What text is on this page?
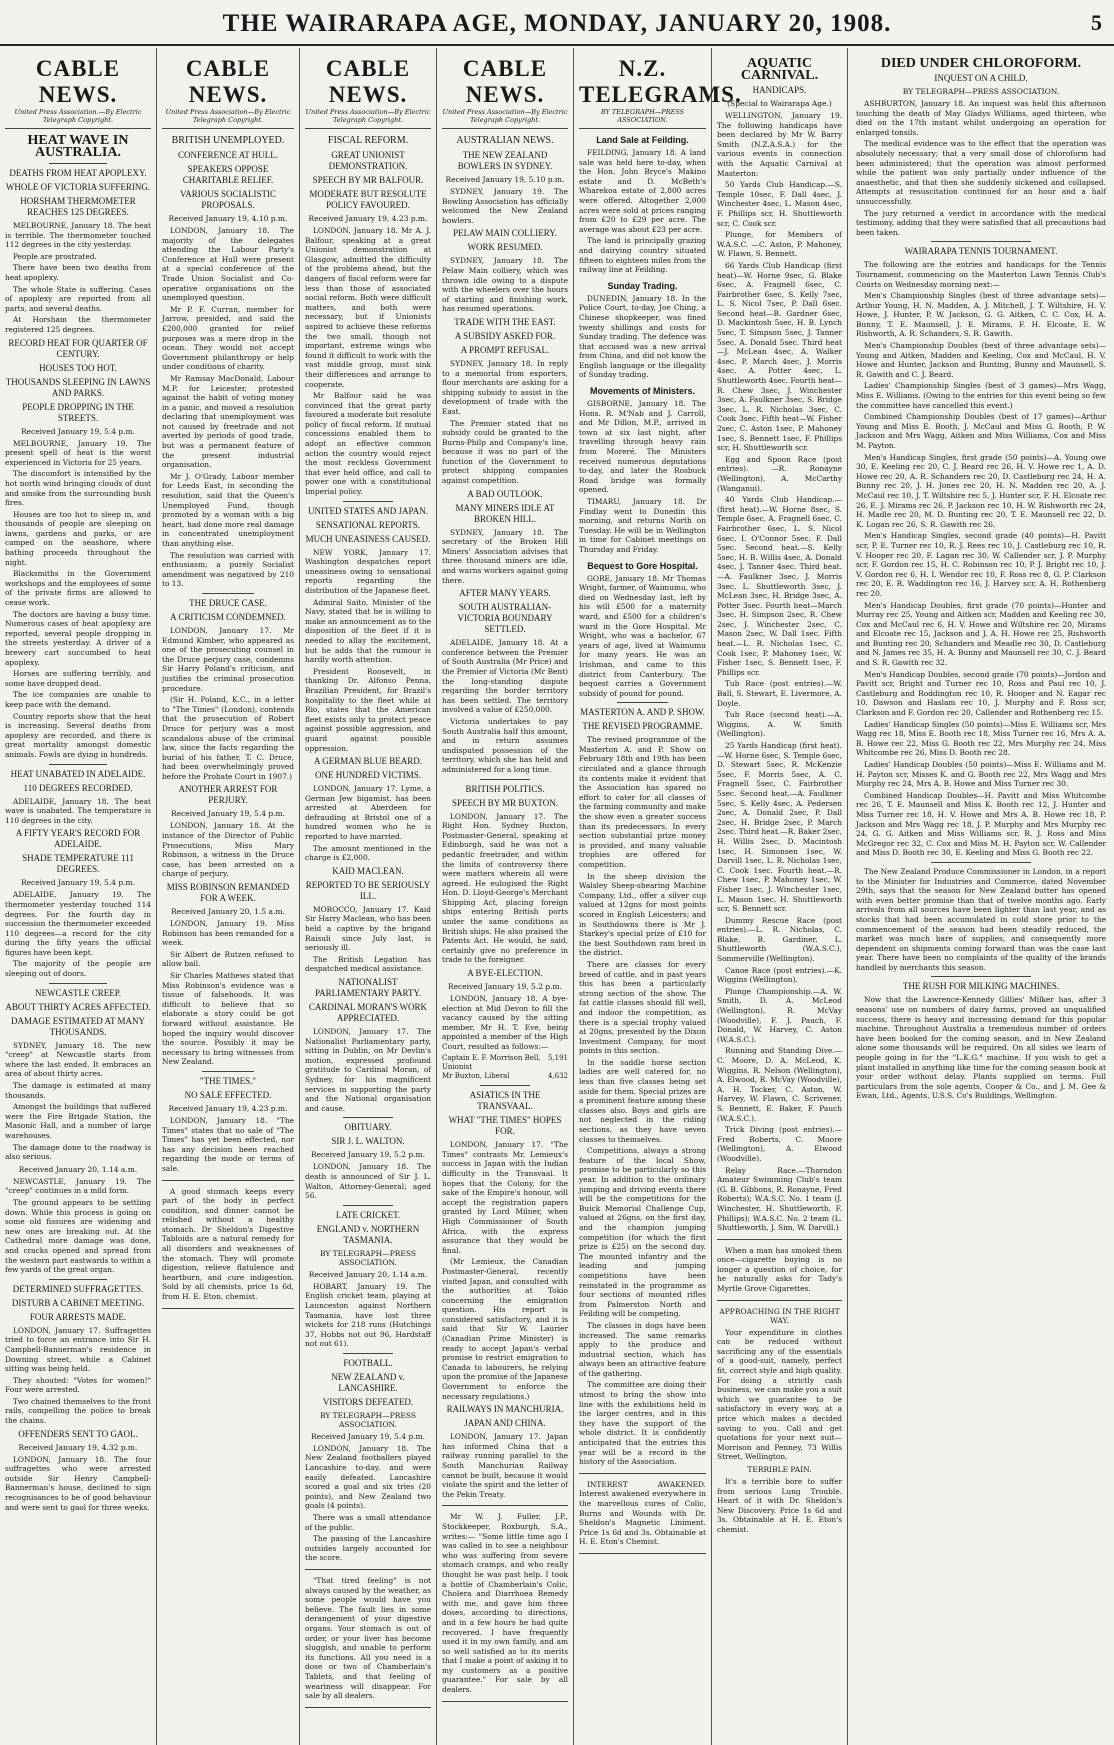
THE WAIRARAPA AGE, MONDAY, JANUARY 20, 1908.	5
CABLE NEWS.
United Press Association.—By Electric Telegraph Copyright.
HEAT WAVE IN AUSTRALIA.
DEATHS FROM HEAT APOPLEXY.
WHOLE OF VICTORIA SUFFERING.
HORSHAM THERMOMETER REACHES 125 DEGREES.

MELBOURNE, January 18. The heat is terrible. The thermometer touched 112 degrees in the city yesterday.

People are prostrated.

There have been two deaths from heat apoplexy.

The whole State is suffering. Cases of apoplexy are reported from all parts, and several deaths.

At Horsham the thermometer registered 125 degrees.

RECORD HEAT FOR QUARTER OF CENTURY.
HOUSES TOO HOT.
THOUSANDS SLEEPING IN LAWNS AND PARKS.
PEOPLE DROPPING IN THE STREETS.
Received January 19, 5.4 p.m.

MELBOURNE, January 19. The present spell of heat is the worst experienced in Victoria for 25 years.

The discomfort is intensified by the hot north wind bringing clouds of dust and smoke from the surrounding bush fires.

Houses are too hot to sleep in, and thousands of people are sleeping on lawns, gardens and parks, or are camped on the seashore, where bathing proceeds throughout the night.

Blacksmiths in the Government workshops and the employees of some of the private firms are allowed to cease work.

The doctors are having a busy time. Numerous cases of heat apoplexy are reported, several people dropping in the streets yesterday. A driver of a brewery cart succumbed to heat apoplexy.

Horses are suffering terribly, and some have dropped dead.

The ice companies are unable to keep pace with the demand.

Country reports show that the heat is increasing. Several deaths from apoplexy are recorded, and there is great mortality amongst domestic animals. Fowls are dying in hundreds.

HEAT UNABATED IN ADELAIDE.
110 DEGREES RECORDED.

ADELAIDE, January 18. The heat wave is unabated. The temperature is 110 degrees in the city.

A FIFTY YEAR'S RECORD FOR ADELAIDE.
SHADE TEMPERATURE 111 DEGREES.
Received January 19, 5.4 p.m.

ADELAIDE, January 19. The thermometer yesterday touched 114 degrees. For the fourth day in succession the thermometer exceeded 110 degrees—a record for the city during the fifty years the official figures have been kept.

The majority of the people are sleeping out of doors.

NEWCASTLE CREEP.
ABOUT THIRTY ACRES AFFECTED.
DAMAGE ESTIMATED AT MANY THOUSANDS.

SYDNEY, January 18. The new "creep" at Newcastle starts from where the last ended. It embraces an area of about thirty acres.

The damage is estimated at many thousands.

Amongst the buildings that suffered were the Fire Brigade Station, the Masonic Hall, and a number of large warehouses.

The damage done to the roadway is also serious.

Received January 20, 1.14 a.m.

NEWCASTLE, January 19. The "creep" continues in a mild form.

The ground appears to be settling down. While this process is going on some old fissures are widening and new ones are breaking out. At the Cathedral more damage was done, and cracks opened and spread from the western part eastwards to within a few yards of the great organ.

DETERMINED SUFFRAGETTES.
DISTURB A CABINET MEETING.
FOUR ARRESTS MADE.

LONDON, January 17. Suffragettes tried to force an entrance into Sir H. Campbell-Bannerman's residence in Downing street, while a Cabinet sitting was being held.

They shouted: "Votes for women!" Four were arrested.

Two chained themselves to the front rails, compelling the police to break the chains.

OFFENDERS SENT TO GAOL.
Received January 19, 4.32 p.m.

LONDON, January 18. The four suffragettes who were arrested outside Sir Henry Campbell-Bannerman's house, declined to sign recognisances to be of good behaviour and were sent to gaol for three weeks.

CABLE NEWS.
United Press Association—By Electric Telegraph Copyright.
BRITISH UNEMPLOYED.
CONFERENCE AT HULL.
SPEAKERS OPPOSE CHARITABLE RELIEF.
VARIOUS SOCIALISTIC PROPOSALS.
Received January 19, 4.10 p.m.

LONDON, January 18. The majority of the delegates attending the Labour Party's Conference at Hull were present at a special conference of the Trade Union Socialist and Co-operative organisations on the unemployed question.

Mr P. F. Curran, member for Jarrow, presided, and said the £200,000 granted for relief purposes was a mere drop in the ocean. They would not accept Government philanthropy or help under conditions of charity.

Mr Ramsay MacDonald, Labour M.P. for Leicester, protested against the habit of voting money in a panic, and moved a resolution declaring that unemployment was not caused by freetrade and not averted by periods of good trade, but was a permanent feature of the present industrial organisation.

Mr J. O'Grady, Labour member for Leeds East, in seconding the resolution, said that the Queen's Unemployed Fund, though promoted by a woman with a big heart, had done more real damage in concentrated unemployment than anything else.

The resolution was carried with enthusiasm; a purely Socialist amendment was negatived by 210 to 13.

THE DRUCE CASE.
A CRITICISM CONDEMNED.

LONDON, January 17. Mr Edmund Kimber, who appeared as one of the prosecuting counsel in the Druce perjury case, condemns Sir Harry Poland's criticism, and justifies the criminal prosecution procedure.

(Sir H. Poland, K.C., in a letter to "The Times" (London), contends that the prosecution of Robert Druce for perjury was a most scandalous abuse of the criminal law, since the facts regarding the burial of his father, T. C. Druce, had been overwhelmingly proved before the Probate Court in 1907.)

ANOTHER ARREST FOR PERJURY.
Received January 19, 5.4 p.m.

LONDON, January 18. At the instance of the Director of Public Prosecutions, Miss Mary Robinson, a witness in the Druce case, has been arrested on a charge of perjury.

MISS ROBINSON REMANDED FOR A WEEK.
Received January 20, 1.5 a.m.

LONDON, January 19. Miss Robinson has been remanded for a week.

Sir Albert de Rutzen refused to allow bail.

Sir Charles Mathews stated that Miss Robinson's evidence was a tissue of falsehoods. It was difficult to believe that so elaborate a story could be got forward without assistance. He hoped the inquiry would discover the source. Possibly it may be necessary to bring witnesses from New Zealand.

"THE TIMES."
NO SALE EFFECTED.
Received January 19, 4.23 p.m.

LONDON, January 18. "The Times" states that no sale of "The Times" has yet been effected, nor has any decision been reached regarding the mode or terms of sale.

A good stomach keeps every part of the body in perfect condition, and dinner cannot be relished without a healthy stomach. Dr Sheldon's Digestive Tabloids are a natural remedy for all disorders and weaknesses of the stomach. They will promote digestion, relieve flatulence and heartburn, and cure indigestion. Sold by all chemists, price 1s 6d, from H. E. Eton, chemist.

CABLE NEWS.
United Press Association—By Electric Telegraph Copyright.
FISCAL REFORM.
GREAT UNIONIST DEMONSTRATION.
SPEECH BY MR BALFOUR.
MODERATE BUT RESOLUTE POLICY FAVOURED.
Received January 19, 4.23 p.m.

LONDON, January 18. Mr A. J. Balfour, speaking at a great Unionist demonstration at Glasgow, admitted the difficulty of the problems ahead, but the dangers of fiscal reform were far less than those of associated social reform. Both were difficult matters, and both were necessary, but if Unionists aspired to achieve these reforms the two small, though not important, extreme wings who found it difficult to work with the vast middle group, must sink their differences and arrange to cooperate.

Mr Balfour said he was convinced that the great party favoured a moderate but resolute policy of fiscal reform. If mutual concessions enabled them to adopt an effective common action the country would reject the most reckless Government that ever held office, and call to power one with a constitutional Imperial policy.

UNITED STATES AND JAPAN.
SENSATIONAL REPORTS.
MUCH UNEASINESS CAUSED.

NEW YORK, January 17. Washington despatches report uneasiness owing to sensational reports regarding the distribution of the Japanese fleet.

Admiral Saito, Minister of the Navy, stated that he is willing to make an announcement as to the disposition of the fleet if it is needed to allay the excitement, but he adds that the rumour is hardly worth attention.

President Roosevelt, in thanking Dr. Alfonso Penna, Brazilian President, for Brazil's hospitality to the fleet while at Rio, states that the American fleet exists only to protect peace against possible aggression, and guard against possible oppression.

A GERMAN BLUE BEARD.
ONE HUNDRED VICTIMS.

LONDON, January 17. Lyme, a German Jew bigamist, has been arrested at Aberdeen for defrauding at Bristol one of a hundred women who he is reported to have married.

The amount mentioned in the charge is £2,000.

KAID MACLEAN.
REPORTED TO BE SERIOUSLY ILL.

MOROCCO, January 17. Kaid Sir Harry Maclean, who has been held a captive by the brigand Raisuli since July last, is seriously ill.

The British Legation has despatched medical assistance.

NATIONALIST PARLIAMENTARY PARTY.
CARDINAL MORAN'S WORK APPRECIATED.

LONDON, January 17. The Nationalist Parliamentary party, sitting in Dublin, on Mr Devlin's motion, expressed profound gratitude to Cardinal Moran, of Sydney, for his magnificent services in supporting the party and the National organisation and cause.

OBITUARY.
SIR J. L. WALTON.
Received January 19, 5.2 p.m.

LONDON, January 18. The death is announced of Sir J. L. Walton, Attorney-General; aged 56.

LATE CRICKET.
ENGLAND v. NORTHERN TASMANIA.
BY TELEGRAPH—PRESS ASSOCIATION.
Received January 20, 1.14 a.m.

HOBART, January 19. The English cricket team, playing at Launceston against Northern Tasmania, have lost three wickets for 218 runs (Hutchings 37, Hobbs not out 96, Hardstaff not out 61).

FOOTBALL.
NEW ZEALAND v. LANCASHIRE.
VISITORS DEFEATED.
BY TELEGRAPH—PRESS ASSOCIATION.
Received January 19, 5.4 p.m.

LONDON, January 18. The New Zealand footballers played Lancashire to-day, and were easily defeated. Lancashire scored a goal and six tries (20 points), and New Zealand two goals (4 points).

There was a small attendance of the public.

The passing of the Lancashire outsides largely accounted for the score.

"That tired feeling" is not always caused by the weather, as some people would have you believe. The fault lies in some derangement of your digestive organs. Your stomach is out of order, or your liver has become sluggish, and unable to perform its functions. All you need is a dose or two of Chamberlain's Tablets, and that feeling of weariness will disappear. For sale by all dealers.

CABLE NEWS.
United Press Association—By Electric Telegraph Copyright.
AUSTRALIAN NEWS.
THE NEW ZEALAND BOWLERS IN SYDNEY.
Received January 19, 5.10 p.m.

SYDNEY, January 19. The Bowling Association has officially welcomed the New Zealand bowlers.

PELAW MAIN COLLIERY.
WORK RESUMED.

SYDNEY, January 18. The Pelaw Main colliery, which was thrown idle owing to a dispute with the wheelers over the hours of starting and finishing work, has resumed operations.

TRADE WITH THE EAST.
A SUBSIDY ASKED FOR.
A PROMPT REFUSAL.

SYDNEY, January 18. In reply to a memorial from exporters, flour merchants are asking for a shipping subsidy to assist in the development of trade with the East.

The Premier stated that no subsidy could be granted to the Burns-Philp and Company's line, because it was no part of the function of the Government to protect shipping companies against competition.

A BAD OUTLOOK.
MANY MINERS IDLE AT BROKEN HILL.

SYDNEY, January 18. The secretary of the Broken Hill Miners' Association advises that three thousand miners are idle, and warns workers against going there.

AFTER MANY YEARS.
SOUTH AUSTRALIAN-VICTORIA BOUNDARY SETTLED.

ADELAIDE, January 18. At a conference between the Premier of South Australia (Mr Price) and the Premier of Victoria (Mr Bent) the long-standing dispute regarding the border territory has been settled. The territory involved a value of £250,000.

Victoria undertakes to pay South Australia half this amount, and in return assumes undisputed possession of the territory, which she has held and administered for a long time.

BRITISH POLITICS.
SPEECH BY MR BUXTON.

LONDON, January 17. The Right Hon. Sydney Buxton, Postmaster-General, speaking at Edinburgh, said he was not a pedantic freetrader, and within the limits of controversy there were matters wherein all were agreed. He eulogised the Right Hon. D. Lloyd-George's Merchant Shipping Act, placing foreign ships entering British ports under the same conditions as British ships. He also praised the Patents Act. He would, he said, certainly give no preference in trade to the foreigner.

A BYE-ELECTION.
Received January 19, 5.2 p.m.

LONDON, January 18. A bye-election at Mid Devon to fill the vacancy caused by the sitting member, Mr H. T. Eve, being appointed a member of the High Court, resulted as follows:—

Captain E. F. Morrison Bell, Unionist
5,191
Mr Buxton, Liberal	4,632
ASIATICS IN THE TRANSVAAL.
WHAT "THE TIMES" HOPES FOR.

LONDON, January 17. "The Times" contrasts Mr. Lemieux's success in Japan with the Indian difficulty in the Transvaal. It hopes that the Colony, for the sake of the Empire's honour, will accept the registration papers granted by Lord Milner, when High Commissioner of South Africa, with the express assurance that they would be final.

(Mr Lemieux, the Canadian Postmaster-General, recently visited Japan, and consulted with the authorities at Tokio concerning the emigration question. His report is considered satisfactory, and it is said that Sir W. Laurier (Canadian Prime Minister) is ready to accept Japan's verbal promise to restrict emigration to Canada to labourers, he relying upon the promise of the Japanese Government to enforce the necessary regulations.)

RAILWAYS IN MANCHURIA.
JAPAN AND CHINA.

LONDON, January 17. Japan has informed China that a railway running parallel to the South Manchurian Railway cannot be built, because it would violate the spirit and the letter of the Pekin Treaty.

Mr W. J. Fuller, J.P., Stockkeeper, Roxburgh, S.A., writes:— "Some little time ago I was called in to see a neighbour who was suffering from severe stomach cramps, and who really thought he was past help. I took a bottle of Chamberlain's Colic, Cholera and Diarrhoea Remedy with me, and gave him three doses, according to directions, and in a few hours he had quite recovered. I have frequently used it in my own family, and am so well satisfied as to its merits that I make a point of asking it to my customers as a positive guarantee." For sale by all dealers.

N.Z. TELEGRAMS.
BY TELEGRAPH—PRESS ASSOCIATION.
Land Sale at Feilding.

FEILDING, January 18. A land sale was held here to-day, when the Hon. John Bryce's Makino estate and D. McBeth's Wharekoa estate of 2,800 acres were offered. Altogether 2,000 acres were sold at prices ranging from £20 to £29 per acre. The average was about £23 per acre.

The land is principally grazing and dairying country situated fifteen to eighteen miles from the railway line at Feilding.

Sunday Trading.

DUNEDIN, January 18. In the Police Court, to-day, Joe Ching, a Chinese shopkeeper, was fined twenty shillings and costs for Sunday trading. The defence was that accused was a new arrival from China, and did not know the English language or the illegality of Sunday trading.

Movements of Ministers.

GISBORNE, January 18. The Hons. R. M'Nab and J. Carroll, and Mr Dillon, M.P., arrived in town at six last night, after travelling through heavy rain from Moreré. The Ministers received numerous deputations to-day, and later the Rosbuck Road bridge was formally opened.

TIMARU, January 18. Dr Findlay went to Dunedin this morning, and returns North on Tuesday. He will be in Wellington in time for Cabinet meetings on Thursday and Friday.

Bequest to Gore Hospital.

GORE, January 18. Mr Thomas Wright, farmer, of Waimumu, who died on Wednesday last, left by his will £500 for a maternity ward, and £500 for a children's ward in the Gore Hospital. Mr Wright, who was a bachelor, 67 years of age, lived at Waimumu for many years. He was an Irishman, and came to this district from Canterbury. The bequest carries a Government subsidy of pound for pound.

MASTERTON A. AND P. SHOW.
THE REVISED PROGRAMME.

The revised programme of the Masterton A. and P. Show on February 18th and 19th has been circulated and a glance through its contents make it evident that the Association has spared no effort to cater for all classes of the farming community and make the show even a greater success than its predecessors. In every section substantial prize money is provided, and many valuable trophies are offered for competition.

In the sheep division the Walsley Sheep-shearing Machine Company, Ltd., offer a silver cup valued at 12gns for most points scored in English Leicesters; and in Southdowns there is Mr J. Starkey's special prize of £10 for the best Southdown ram bred in the district.

There are classes for every breed of cattle, and in past years this has been a particularly strong section of the show. The fat cattle classes should fill well, and indoor the competition, as there is a special trophy valued at 20gns, presented by the Dixon Investment Company, for most points in this section.

In the saddle horse section ladies are well catered for, no less than five classes being set aside for them. Special prizes are a prominent feature among these classes also. Boys and girls are not neglected in the riding sections, as they have seven classes to themselves.

Competitions, always a strong feature of the local Show, promise to be particularly so this year. In addition to the ordinary jumping and driving events there will be the competitions for the Buick Memorial Challenge Cup, valued at 26gns, on the first day, and the champion jumping competition (for which the first prize is £25) on the second day. The mounted infantry and the leading and jumping competitions have been reinstated in the programme as four sections of mounted rifles from Palmerston North and Feilding will be competing.

The classes in dogs have been increased. The same remarks apply to the produce and industrial section, which has always been an attractive feature of the gathering.

The committee are doing their utmost to bring the show into line with the exhibitions held in the larger centres, and in this they have the support of the whole district. It is confidently anticipated that the entries this year will be a record in the history of the Association.

INTEREST AWAKENED. Interest awakened everywhere in the marvellous cures of Colic, Burns and Wounds with Dr. Sheldon's Magnetic Liniment. Price 1s 6d and 3s. Obtainable at H. E. Eton's Chemist.

AQUATIC CARNIVAL.
HANDICAPS.
(Special to Wairarapa Age.)

WELLINGTON, January 19. The following handicaps have been declared by Mr W. Barry Smith (N.Z.A.S.A.) for the various events in connection with the Aquatic Carnival at Masterton:

50 Yards Club Handicap.—S. Temple 10sec, F. Dall 4sec, J. Winchester 4sec, L. Mason 4sec, F. Phillips scr, H. Shuttleworth scr, C. Cook scr.

Plunge, for Members of W.A.S.C. —C. Aston, P. Mahoney, W. Flawn, S. Bennett.

66 Yards Club Handicap (first heat)—W. Horne 9sec, G. Blake 6sec, A. Fragnell 6sec, C. Fairbrother 6sec, S. Kelly 7sec, L. S. Nicol 7sec, P. Dall 6sec. Second heat—B. Gardner 6sec, D. Mackintosh 5sec, H. B. Lynch 5sec, T. Simpson 5sec, J. Tanner 5sec, A. Donald 5sec. Third heat—J. McLean 4sec, A. Walker 4sec, P. March 4sec, J. Morris 4sec, A. Potter 4sec, L. Shuttleworth 4sec. Fourth heat—R. Chew 3sec, J. Winchester 3sec, A. Faulkner 3sec, S. Bridge 3sec, L. R. Nicholas 3sec, C. Cook 3sec. Fifth heat—W. Fisher 2sec, C. Aston 1sec, P. Mahoney 1sec, S. Bennett 1sec, F. Phillips scr, H. Shuttleworth scr.

Egg and Spoon Race (post entries). —R. Ronayne (Wellington), A. McCarthy (Wanganui).

40 Yards Club Handicap.—(first heat).—W. Horne 8sec, S. Temple 6sec, A. Fragnell 6sec, C. Fairbrother 6sec, L. S. Nicol 6sec, I. O'Connor 5sec, F. Dall 5sec. Second heat.—S. Kelly 5sec, H. B. Willis 4sec, A. Donald 4sec, J. Tanner 4sec. Third heat.—A. Faulkner 3sec, J. Morris 3sec, L. Shuttleworth 3sec, J. McLean 3sec, H. Bridge 3sec, A. Potter 3sec. Fourth heat—March 3sec, H. Simpson 2sec, R. Chew 2sec, J. Winchester 2sec, C. Mason 2sec, W. Dall 1sec. Fifth heat.—L. R. Nicholas 1sec, C. Cook 1sec, P. Mahoney 1sec, W. Fisher 1sec, S. Bennett 1sec, F. Phillips scr.

Tub Race (post entries).—W. Ball, S. Stewart, E. Livermore, A. Doyle.

Tub Race (second heat).—A. Wiggins, A. W. Smith (Wellington).

25 Yards Handicap (first heat).—W. Horne 6sec, S. Temple 6sec, D. Stewart 5sec, R. McKenzie 5sec, F. Morris 5sec, A. C. Fragnell 5sec, C. Fairbrother 5sec. Second heat.—A. Faulkner 5sec, S. Kelly 4sec, A. Pedersen 2sec, A. Donald 2sec, P. Dall 2sec, H. Bridge 2sec, P. March 2sec. Third heat.—R. Baker 2sec, H. Willis 2sec, D. Macintosh 1sec, H. Simonsen 1sec, W. Darvill 1sec, L. R. Nicholas 1sec, C. Cook 1sec. Fourth heat.—R. Chew 1sec, P. Mahoney 1sec, W. Fisher 1sec, J. Winchester 1sec, L. Mason 1sec, H. Shuttleworth scr, S. Bennett scr.

Dummy Rescue Race (post entries).—L. R. Nicholas, C. Blake, B. Gardiner, L. Shuttleworth (W.A.S.C.), Sommerville (Wellington).

Canoe Race (post entries).—K. Wiggins (Wellington).

Plunge Championship.—A. W. Smith, D. A. McLeod (Wellington), R. McVay (Woodville), F. J. Pauch, F. Donald, W. Harvey, C. Aston (W.A.S.C.).

Running and Standing Dive.—C. Moore, D. A. McLeod, K. Wiggins, R. Nelson (Wellington), A. Elwood, R. McVay (Woodville), A. H. Tocker, C. Aston, W. Harvey, W. Flawn, C. Scrivener, S. Bennett, E. Baker, F. Pauch (W.A.S.C.).

Trick Diving (post entries).—Fred Roberts, C. Moore (Wellington), A. Elwood (Woodville).

Relay Race.—Thorndon Amateur Swimming Club's team (G. B. Gibbons, R. Ronayne, Fred Roberts); W.A.S.C. No. 1 team (J. Winchester, H. Shuttleworth, F. Phillips); W.A.S.C. No. 2 team (L. Shuttleworth, J. Sim, W. Darvill.)

When a man has smoked them once—cigarette buying is no longer a question of choice, for he naturally asks for Tady's Myrtle Grove Cigarettes.

APPROACHING IN THE RIGHT WAY.

Your expenditure in clothes can be reduced without sacrificing any of the essentials of a good-suit, namely, perfect fit, correct style and high quality. For doing a strictly cash business, we can make you a suit which we guarantee to be satisfactory in every way, at a price which makes a decided saving to you. Call and get quotations for your next suit—Morrison and Penney, 73 Willis Street, Wellington.

TERRIBLE PAIN.

It's a terrible bore to suffer from serious Lung Trouble. Heart of it with Dr. Sheldon's New Discovery. Price 1s 6d and 3s. Obtainable at H. E. Eton's chemist.

DIED UNDER CHLOROFORM.
INQUEST ON A CHILD.
BY TELEGRAPH—PRESS ASSOCIATION.

ASHBURTON, January 18. An inquest was held this afternoon touching the death of May Gladys Williams, aged thirteen, who died on the 17th instant whilst undergoing an operation for enlarged tonsils.

The medical evidence was to the effect that the operation was absolutely necessary; that a very small dose of chloroform had been administered; that the operation was almost performed while the patient was only partially under influence of the anaesthetic, and that then she suddenly sickened and collapsed. Attempts at resuscitation continued for an hour and a half unsuccessfully.

The jury returned a verdict in accordance with the medical testimony, adding that they were satisfied that all precautions had been taken.

WAIRARAPA TENNIS TOURNAMENT.

The following are the entries and handicaps for the Tennis Tournament, commencing on the Masterton Lawn Tennis Club's Courts on Wednesday morning next:—

Men's Championship Singles (best of three advantage sets)—Arthur Young, H. N. Madden, A. J. Mitchell, J. T. Wiltshire, H. V. Howe, J. Hunter, P. W. Jackson, G. G. Aitken, C. C. Cox, H. A. Bunny, T. E. Maunsell, J. E. Mirams, F. H. Elcoate, E. W. Rishworth, A. R. Schanders, S. R. Gawith.

Men's Championship Doubles (best of three advantage sets)—Young and Aitken, Madden and Keeling, Cox and McCaul, H. V. Howe and Hunter, Jackson and Bunting, Bunny and Maunsell, S. R. Gawith and C. J. Beard.

Ladies' Championship Singles (best of 3 games)—Mrs Wagg, Miss E. Williams. (Owing to the entries for this event being so few the committee have cancelled this event.)

Combined Championship Doubles (best of 17 games)—Arthur Young and Miss E. Booth, J. McCaul and Miss G. Booth, P. W. Jackson and Mrs Wagg, Aitken and Miss Williams, Cox and Miss M. Payton.

Men's Handicap Singles, first grade (50 points)—A. Young owe 30, E. Keeling rec 20, C. J. Beard rec 26, H. V. Howe rec 1, A. D. Howe rec 20, A. R. Schanders rec 20, D. Castleburg rec 24, H. A. Bunny rec 20, J. H. Jones rec 20, H. N. Madden rec 20, A. J. McCaul rec 10, J. T. Wiltshire rec 5, J. Hunter scr, F. H. Elcoate rec 26, E. J. Mirams rec 26, P. Jackson rec 10, H. W. Rishworth rec 24, H. Madle rec 20, M. D. Bunting rec 20, T. E. Maunsell rec 22, D. K. Logan rec 26, S. R. Gawith rec 26.

Men's Handicap Singles, second grade (40 points)—H. Pavitt scr, P. E. Turner rec 10, R. J. Rees rec 10, J. Castleburg rec 10, R. V. Hooper rec 20, F. Lagan rec 30, W. Callender scr, J. P. Murphy scr, F. Gordon rec 15, H. C. Robinson rec 10, P. J. Bright rec 10, J. V. Gordon rec 6, H. I. Wendor rec 10, F. Ross rec 8, G. P. Clarkson rec 20, E. R. Waddington rec 16, J. Harvey scr, A. H. Rothenberg rec 20.

Men's Handicap Doubles, first grade (70 points)—Hunter and Murray rec 25, Young and Aitken scr, Madden and Keeling rec 30, Cox and McCaul rec 6, H. V. Howe and Wiltshire rec 20, Mirams and Elcoate rec 15, Jackson and J. A. H. Howe rec 25, Rishworth and Bunting rec 20, Schanders and Meadle rec 30, D. Castleburg and N. James rec 35, H. A. Bunny and Maunsell rec 30, C. J. Beard and S. R. Gawith rec 32.

Men's Handicap Doubles, second grade (70 points)—Jordon and Pavitt scr, Bright and Turner rec 10, Ross and Paul rec 10, J. Castleburg and Roddington rec 10, R. Hooper and N. Eagar rec 10, Dawson and Haslam rec 10, J. Murphy and F. Ross scr, Clarkson and F. Gordon rec 20, Callender and Rothenberg rec 15.

Ladies' Handicap Singles (50 points)—Miss E. Williams scr, Mrs Wagg rec 18, Miss E. Booth rec 18, Miss Turner rec 16, Mrs A. A. B. Howe rec 22, Miss G. Booth rec 22, Mrs Murphy rec 24, Miss Whitcombe rec 26, Miss D. Booth rec 28.

Ladies' Handicap Doubles (50 points)—Miss E. Williams and M. H. Payton scr, Misses K. and G. Booth rec 22, Mrs Wagg and Mrs Murphy rec 24, Mrs A. B. Howe and Miss Turner rec 30.

Combined Handicap Doubles—H. Pavitt and Miss Whitcombe rec 26, T. E. Maunsell and Miss K. Booth rec 12, J. Hunter and Miss Turner rec 18, H. V. Howe and Mrs A. B. Howe rec 18, P. Jackson and Mrs Wagg rec 18, J. P. Murphy and Mrs Murphy rec 24, G. G. Aitken and Miss Williams scr, R. J. Ross and Miss McGregor rec 32, C. Cox and Miss M. H. Payton scr, W. Callender and Miss D. Booth rec 30, E. Keeling and Miss G. Booth rec 22.

The New Zealand Produce Commissioner in London, in a report to the Minister for Industries and Commerce, dated November 29th, says that the season for New Zealand butter has opened with even better promise than that of twelve months ago. Early arrivals from all sources have been lighter than last year, and as stocks that had been accumulated in cold store prior to the commencement of the season had been steadily reduced, the market was much bare of supplies, and consequently more dependent on shipments coming forward than was the case last year. There have been no complaints of the quality of the brands handled by merchants this season.

THE RUSH FOR MILKING MACHINES.

Now that the Lawrence-Kennedy Gillies' Milker has, after 3 seasons' use on numbers of dairy farms, proved an unqualified success, there is heavy and increasing demand for this popular machine. Throughout Australia a tremendous number of orders have been booked for the coming season, and in New Zealand alone some thousands will be required. On all sides we learn of people going in for the "L.K.G." machine. If you wish to get a plant installed in anything like time for the coming season book at your order without delay. Plants supplied on terms. Full particulars from the sole agents, Cooper & Co., and J. M. Gee & Ewan, Ltd., Agents, U.S.S. Co's Buildings, Wellington.
